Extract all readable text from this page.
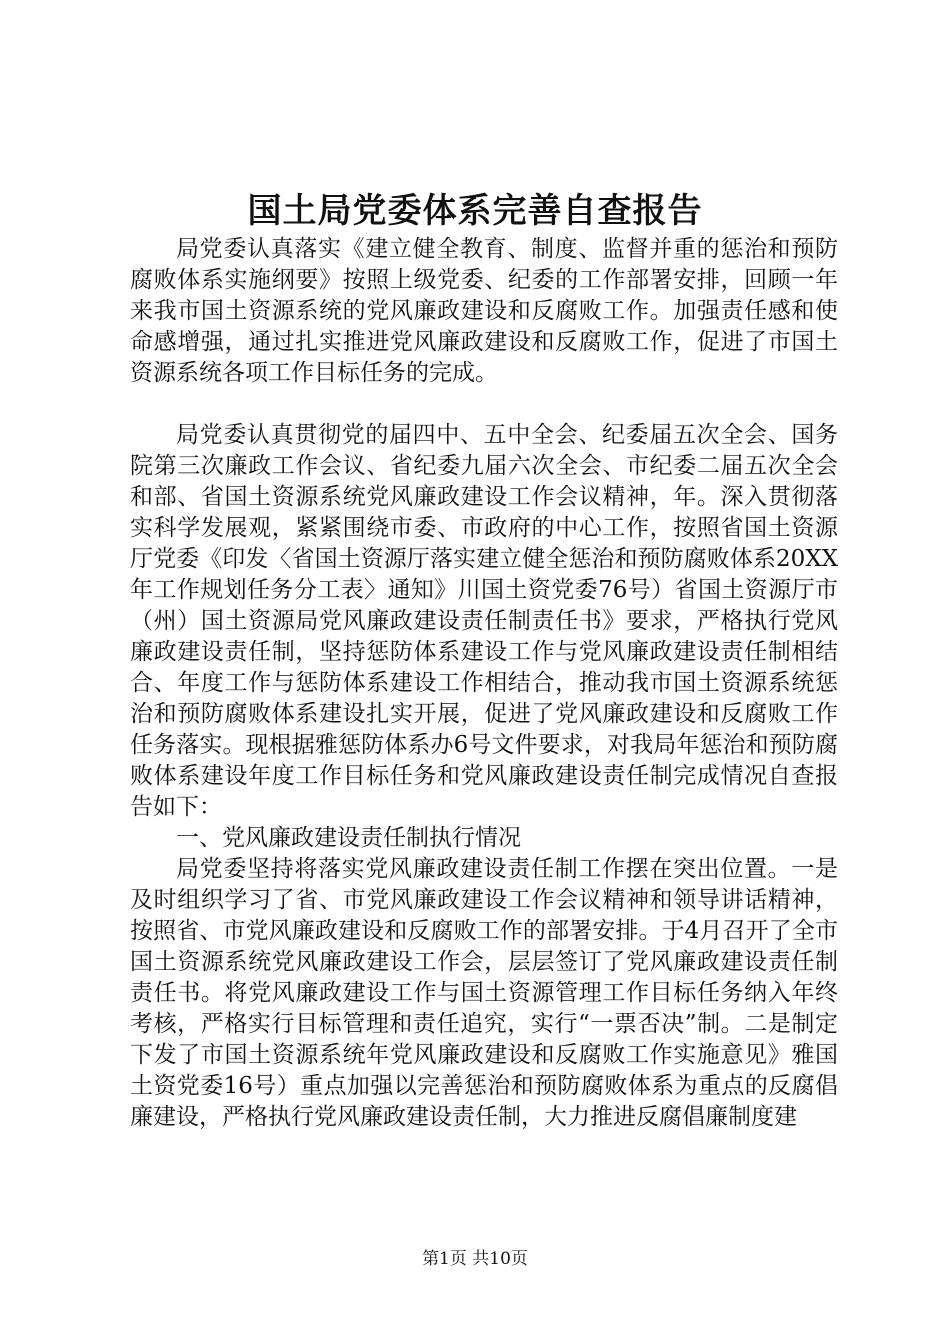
国土局党委体系完善自查报告

局党委认真落实《建立健全教育、制度、监督并重的惩治和预防腐败体系实施纲要》按照上级党委、纪委的工作部署安排，回顾一年来我市国土资源系统的党风廉政建设和反腐败工作。加强责任感和使命感增强，通过扎实推进党风廉政建设和反腐败工作，促进了市国土资源系统各项工作目标任务的完成。

局党委认真贯彻党的届四中、五中全会、纪委届五次全会、国务院第三次廉政工作会议、省纪委九届六次全会、市纪委二届五次全会和部、省国土资源系统党风廉政建设工作会议精神，年。深入贯彻落实科学发展观，紧紧围绕市委、市政府的中心工作，按照省国土资源厅党委《印发〈省国土资源厅落实建立健全惩治和预防腐败体系20XX年工作规划任务分工表〉通知》川国土资党委76号）省国土资源厅市（州）国土资源局党风廉政建设责任制责任书》要求，严格执行党风廉政建设责任制，坚持惩防体系建设工作与党风廉政建设责任制相结合、年度工作与惩防体系建设工作相结合，推动我市国土资源系统惩治和预防腐败体系建设扎实开展，促进了党风廉政建设和反腐败工作任务落实。现根据雅惩防体系办6号文件要求，对我局年惩治和预防腐败体系建设年度工作目标任务和党风廉政建设责任制完成情况自查报告如下：

一、党风廉政建设责任制执行情况

局党委坚持将落实党风廉政建设责任制工作摆在突出位置。一是及时组织学习了省、市党风廉政建设工作会议精神和领导讲话精神，按照省、市党风廉政建设和反腐败工作的部署安排。于4月召开了全市国土资源系统党风廉政建设工作会，层层签订了党风廉政建设责任制责任书。将党风廉政建设工作与国土资源管理工作目标任务纳入年终考核，严格实行目标管理和责任追究，实行“一票否决”制。二是制定下发了市国土资源系统年党风廉政建设和反腐败工作实施意见》雅国土资党委16号）重点加强以完善惩治和预防腐败体系为重点的反腐倡廉建设，严格执行党风廉政建设责任制，大力推进反腐倡廉制度建

第1页 共10页
